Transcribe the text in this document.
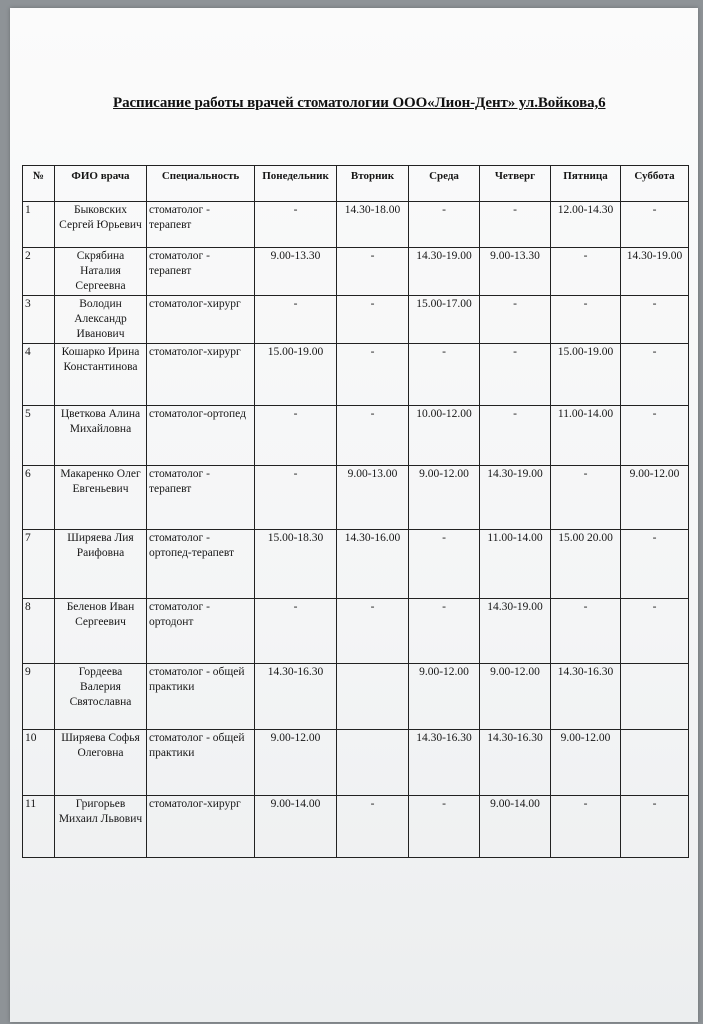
Расписание работы врачей стоматологии ООО«Лион-Дент» ул.Войкова,6
№	ФИО врача	Специальность	Понедельник	Вторник	Среда	Четверг	Пятница	Суббота
1	Быковских Сергей Юрьевич	стоматолог - терапевт	-	14.30-18.00	-	-	12.00-14.30	-
2	Скрябина Наталия Сергеевна	стоматолог - терапевт	9.00-13.30	-	14.30-19.00	9.00-13.30	-	14.30-19.00
3	Володин Александр Иванович	стоматолог-хирург	-	-	15.00-17.00	-	-	-
4	Кошарко Ирина Константинова	стоматолог-хирург	15.00-19.00	-	-	-	15.00-19.00	-
5	Цветкова Алина Михайловна	стоматолог-ортопед	-	-	10.00-12.00	-	11.00-14.00	-
6	Макаренко Олег Евгеньевич	стоматолог - терапевт	-	9.00-13.00	9.00-12.00	14.30-19.00	-	9.00-12.00
7	Ширяева Лия Раифовна	стоматолог - ортопед-терапевт	15.00-18.30	14.30-16.00	-	11.00-14.00	15.00 20.00	-
8	Беленов Иван Сергеевич	стоматолог - ортодонт	-	-	-	14.30-19.00	-	-
9	Гордеева Валерия Святославна	стоматолог - общей практики	14.30-16.30		9.00-12.00	9.00-12.00	14.30-16.30	
10	Ширяева Софья Олеговна	стоматолог - общей практики	9.00-12.00		14.30-16.30	14.30-16.30	9.00-12.00	
11	Григорьев Михаил Львович	стоматолог-хирург	9.00-14.00	-	-	9.00-14.00	-	-
